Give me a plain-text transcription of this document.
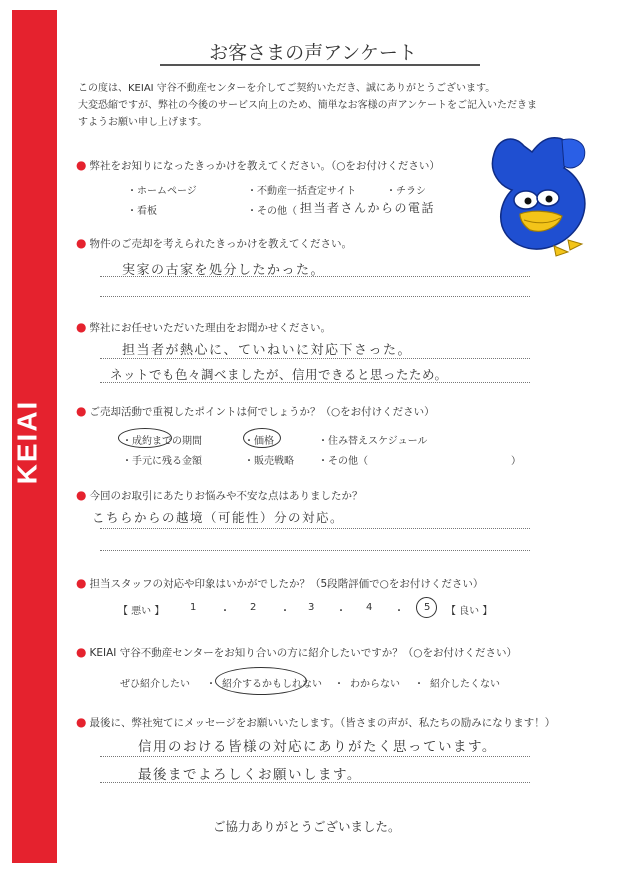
KEIAI
お客さまの声アンケート

この度は、KEIAI 守谷不動産センターを介してご契約いただき、誠にありがとうございます。

大変恐縮ですが、弊社の今後のサービス向上のため、簡単なお客様の声アンケートをご記入いただきま

すようお願い申し上げます。

● 弊社をお知りになったきっかけを教えてください。（○をお付けください）
・ホームページ	・不動産一括査定サイト	・チラシ
・看板	・その他（ 担当者さんからの電話
● 物件のご売却を考えられたきっかけを教えてください。
実家の古家を処分したかった。
● 弊社にお任せいただいた理由をお聞かせください。
担当者が熱心に、ていねいに対応下さった。
ネットでも色々調べましたが、信用できると思ったため。
● ご売却活動で重視したポイントは何でしょうか？（○をお付けください）
・成約までの期間	・価格	・住み替えスケジュール
・手元に残る金額	・販売戦略 ・その他（	）
● 今回のお取引にあたりお悩みや不安な点はありましたか？
こちらからの越境（可能性）分の対応。
● 担当スタッフの対応や印象はいかがでしたか？（5段階評価で○をお付けください）
【 悪い 】	1 ・ 2 ・ 3 ・ 4 ・ 5 【 良い 】
● KEIAI 守谷不動産センターをお知り合いの方に紹介したいですか？（○をお付けください）
ぜひ紹介したい ・ 紹介するかもしれない ・ わからない ・ 紹介したくない
● 最後に、弊社宛てにメッセージをお願いいたします。（皆さまの声が、私たちの励みになります！）
信用のおける皆様の対応にありがたく思っています。
最後までよろしくお願いします。
ご協力ありがとうございました。
